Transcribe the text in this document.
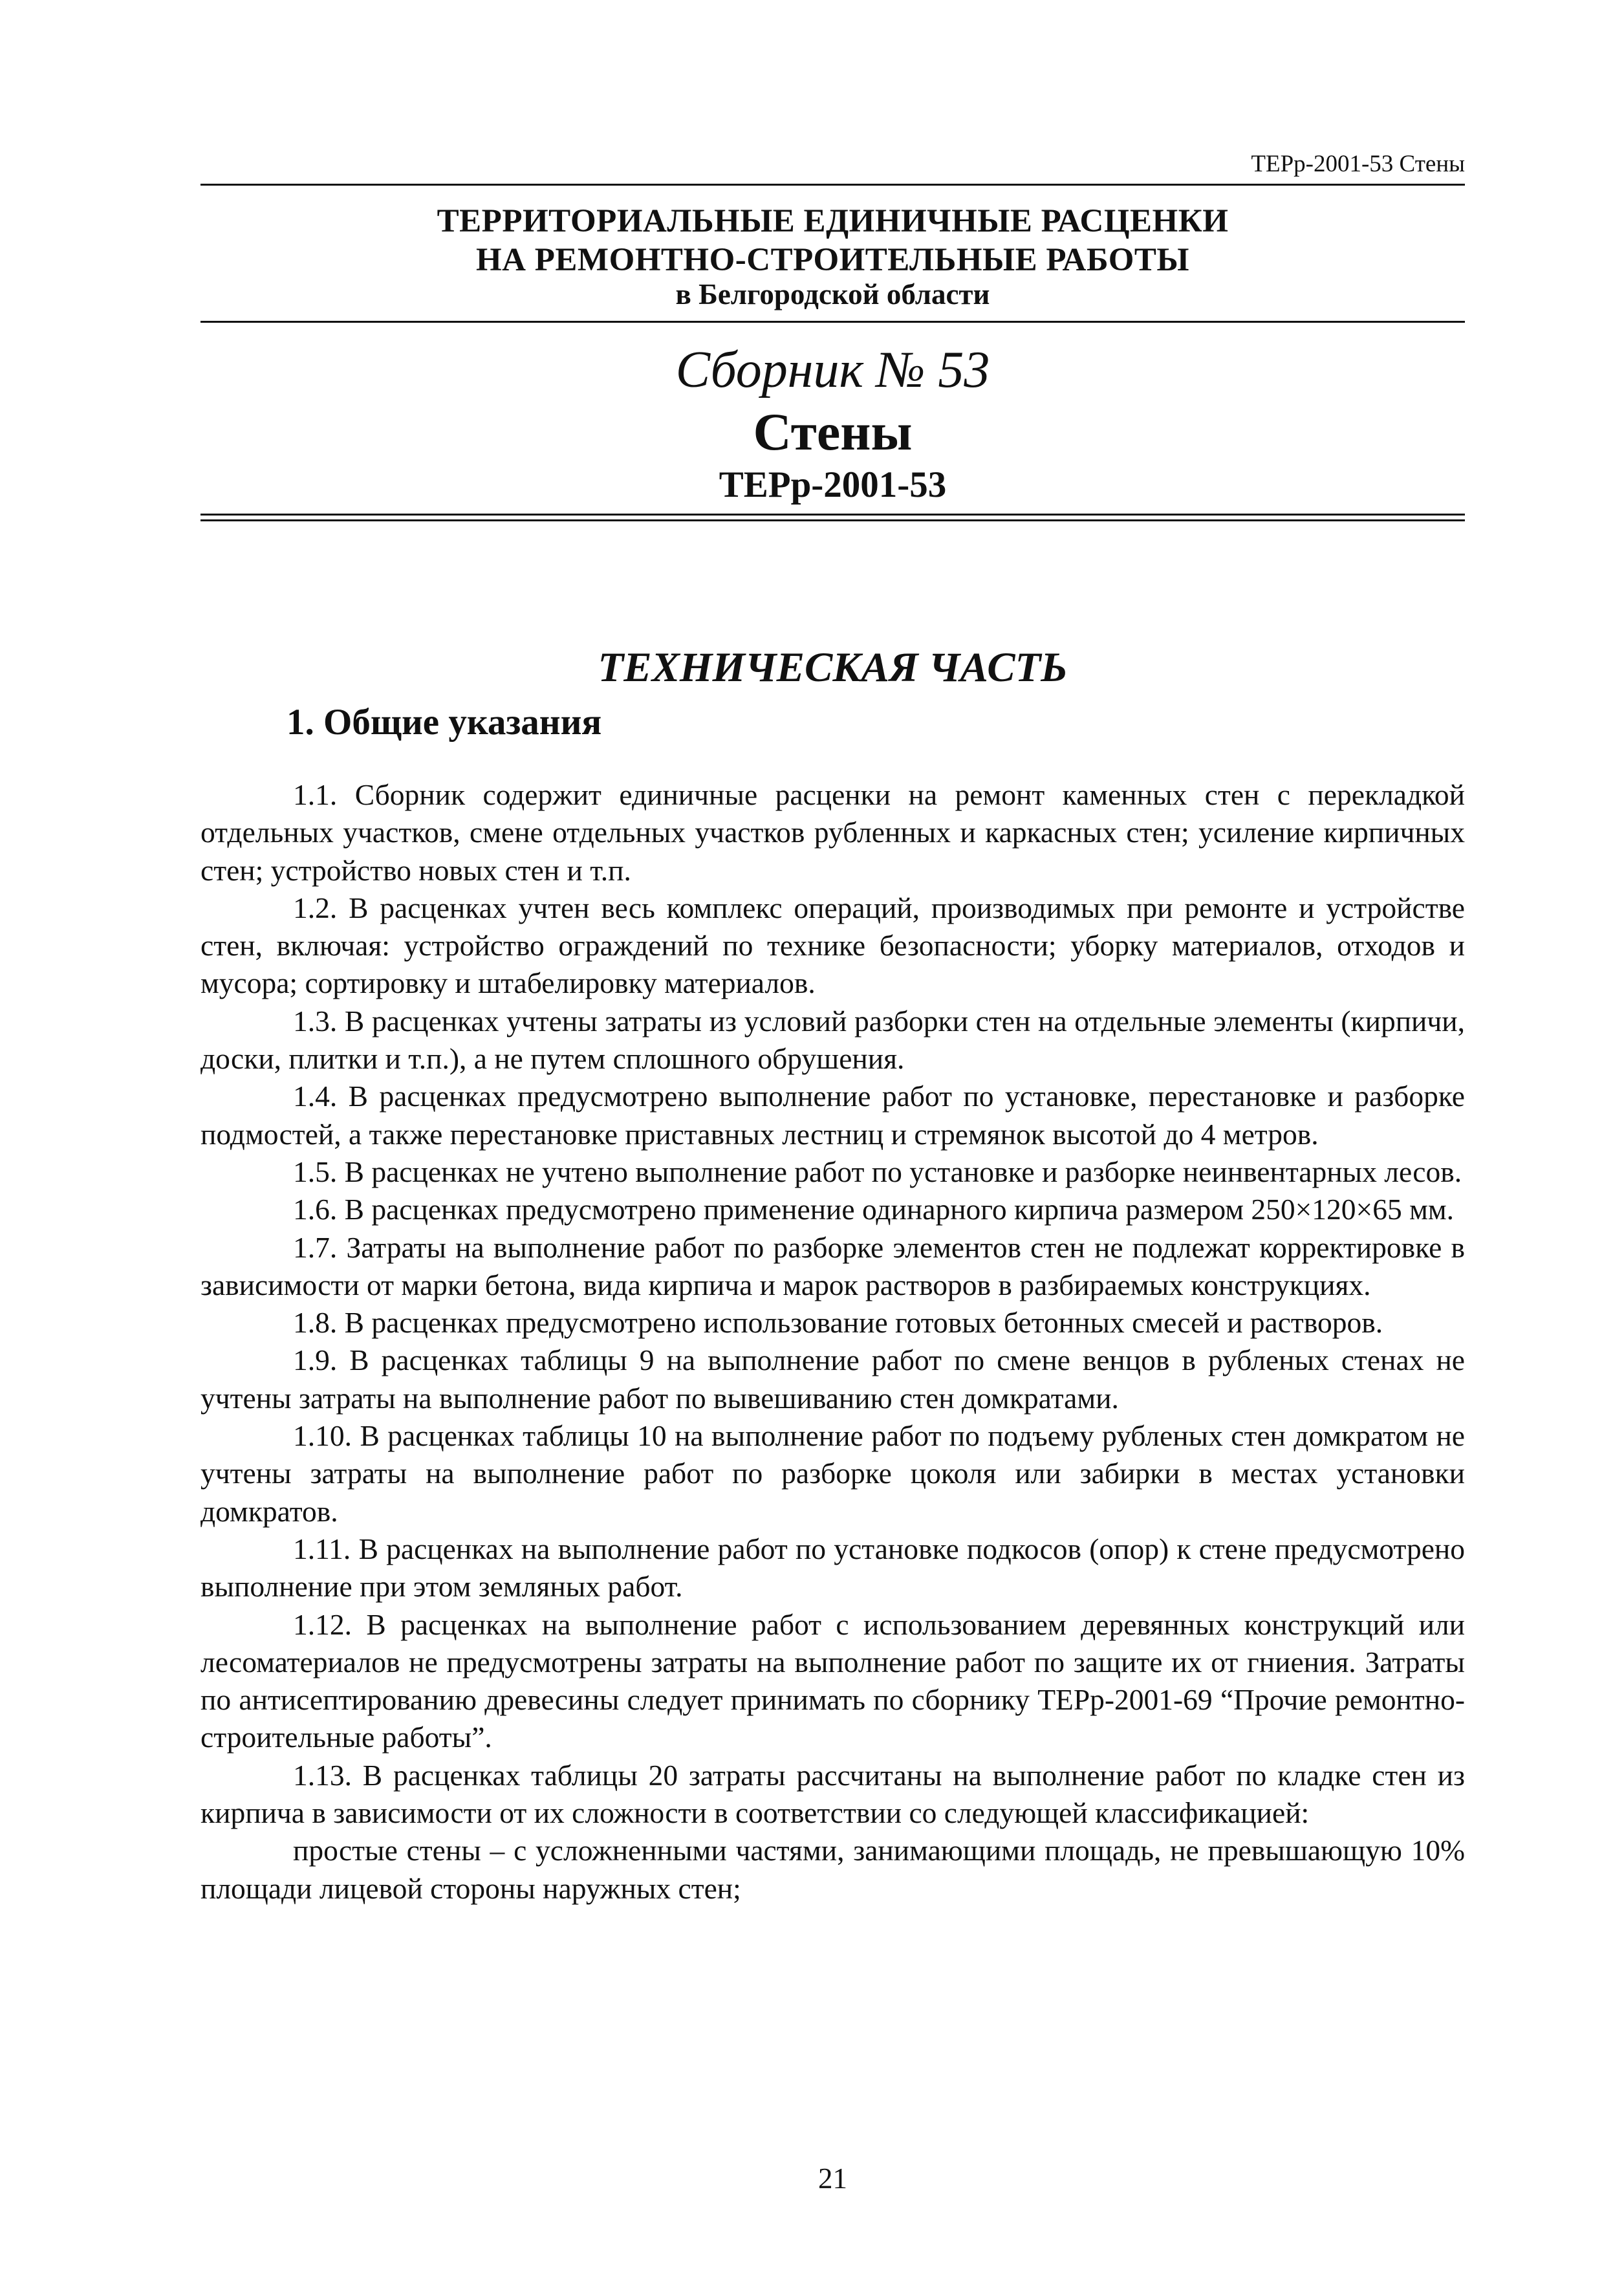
ТЕРр-2001-53 Стены
ТЕРРИТОРИАЛЬНЫЕ ЕДИНИЧНЫЕ РАСЦЕНКИ
НА РЕМОНТНО-СТРОИТЕЛЬНЫЕ РАБОТЫ
в Белгородской области
Сборник № 53
Стены
ТЕРр-2001-53
ТЕХНИЧЕСКАЯ ЧАСТЬ
1. Общие указания

1.1. Сборник содержит единичные расценки на ремонт каменных стен с перекладкой отдельных участков, смене отдельных участков рубленных и каркасных стен; усиление кирпичных стен; устройство новых стен и т.п.

1.2. В расценках учтен весь комплекс операций, производимых при ремонте и устройстве стен, включая: устройство ограждений по технике безопасности; уборку материалов, отходов и мусора; сортировку и штабелировку материалов.

1.3. В расценках учтены затраты из условий разборки стен на отдельные элементы (кирпичи, доски, плитки и т.п.), а не путем сплошного обрушения.

1.4. В расценках предусмотрено выполнение работ по установке, перестановке и разборке подмостей, а также перестановке приставных лестниц и стремянок высотой до 4 метров.

1.5. В расценках не учтено выполнение работ по установке и разборке неинвентарных лесов.

1.6. В расценках предусмотрено применение одинарного кирпича размером 250×120×65 мм.

1.7. Затраты на выполнение работ по разборке элементов стен не подлежат корректировке в зависимости от марки бетона, вида кирпича и марок растворов в разбираемых конструкциях.

1.8. В расценках предусмотрено использование готовых бетонных смесей и растворов.

1.9. В расценках таблицы 9 на выполнение работ по смене венцов в рубленых стенах не учтены затраты на выполнение работ по вывешиванию стен домкратами.

1.10. В расценках таблицы 10 на выполнение работ по подъему рубленых стен домкратом не учтены затраты на выполнение работ по разборке цоколя или забирки в местах установки домкратов.

1.11. В расценках на выполнение работ по установке подкосов (опор) к стене предусмотрено выполнение при этом земляных работ.

1.12. В расценках на выполнение работ с использованием деревянных конструкций или лесоматериалов не предусмотрены затраты на выполнение работ по защите их от гниения. Затраты по антисептированию древесины следует принимать по сборнику ТЕРр-2001-69 “Прочие ремонтно-строительные работы”.

1.13. В расценках таблицы 20 затраты рассчитаны на выполнение работ по кладке стен из кирпича в зависимости от их сложности в соответствии со следующей классификацией:

простые стены – с усложненными частями, занимающими площадь, не превышающую 10% площади лицевой стороны наружных стен;

21
